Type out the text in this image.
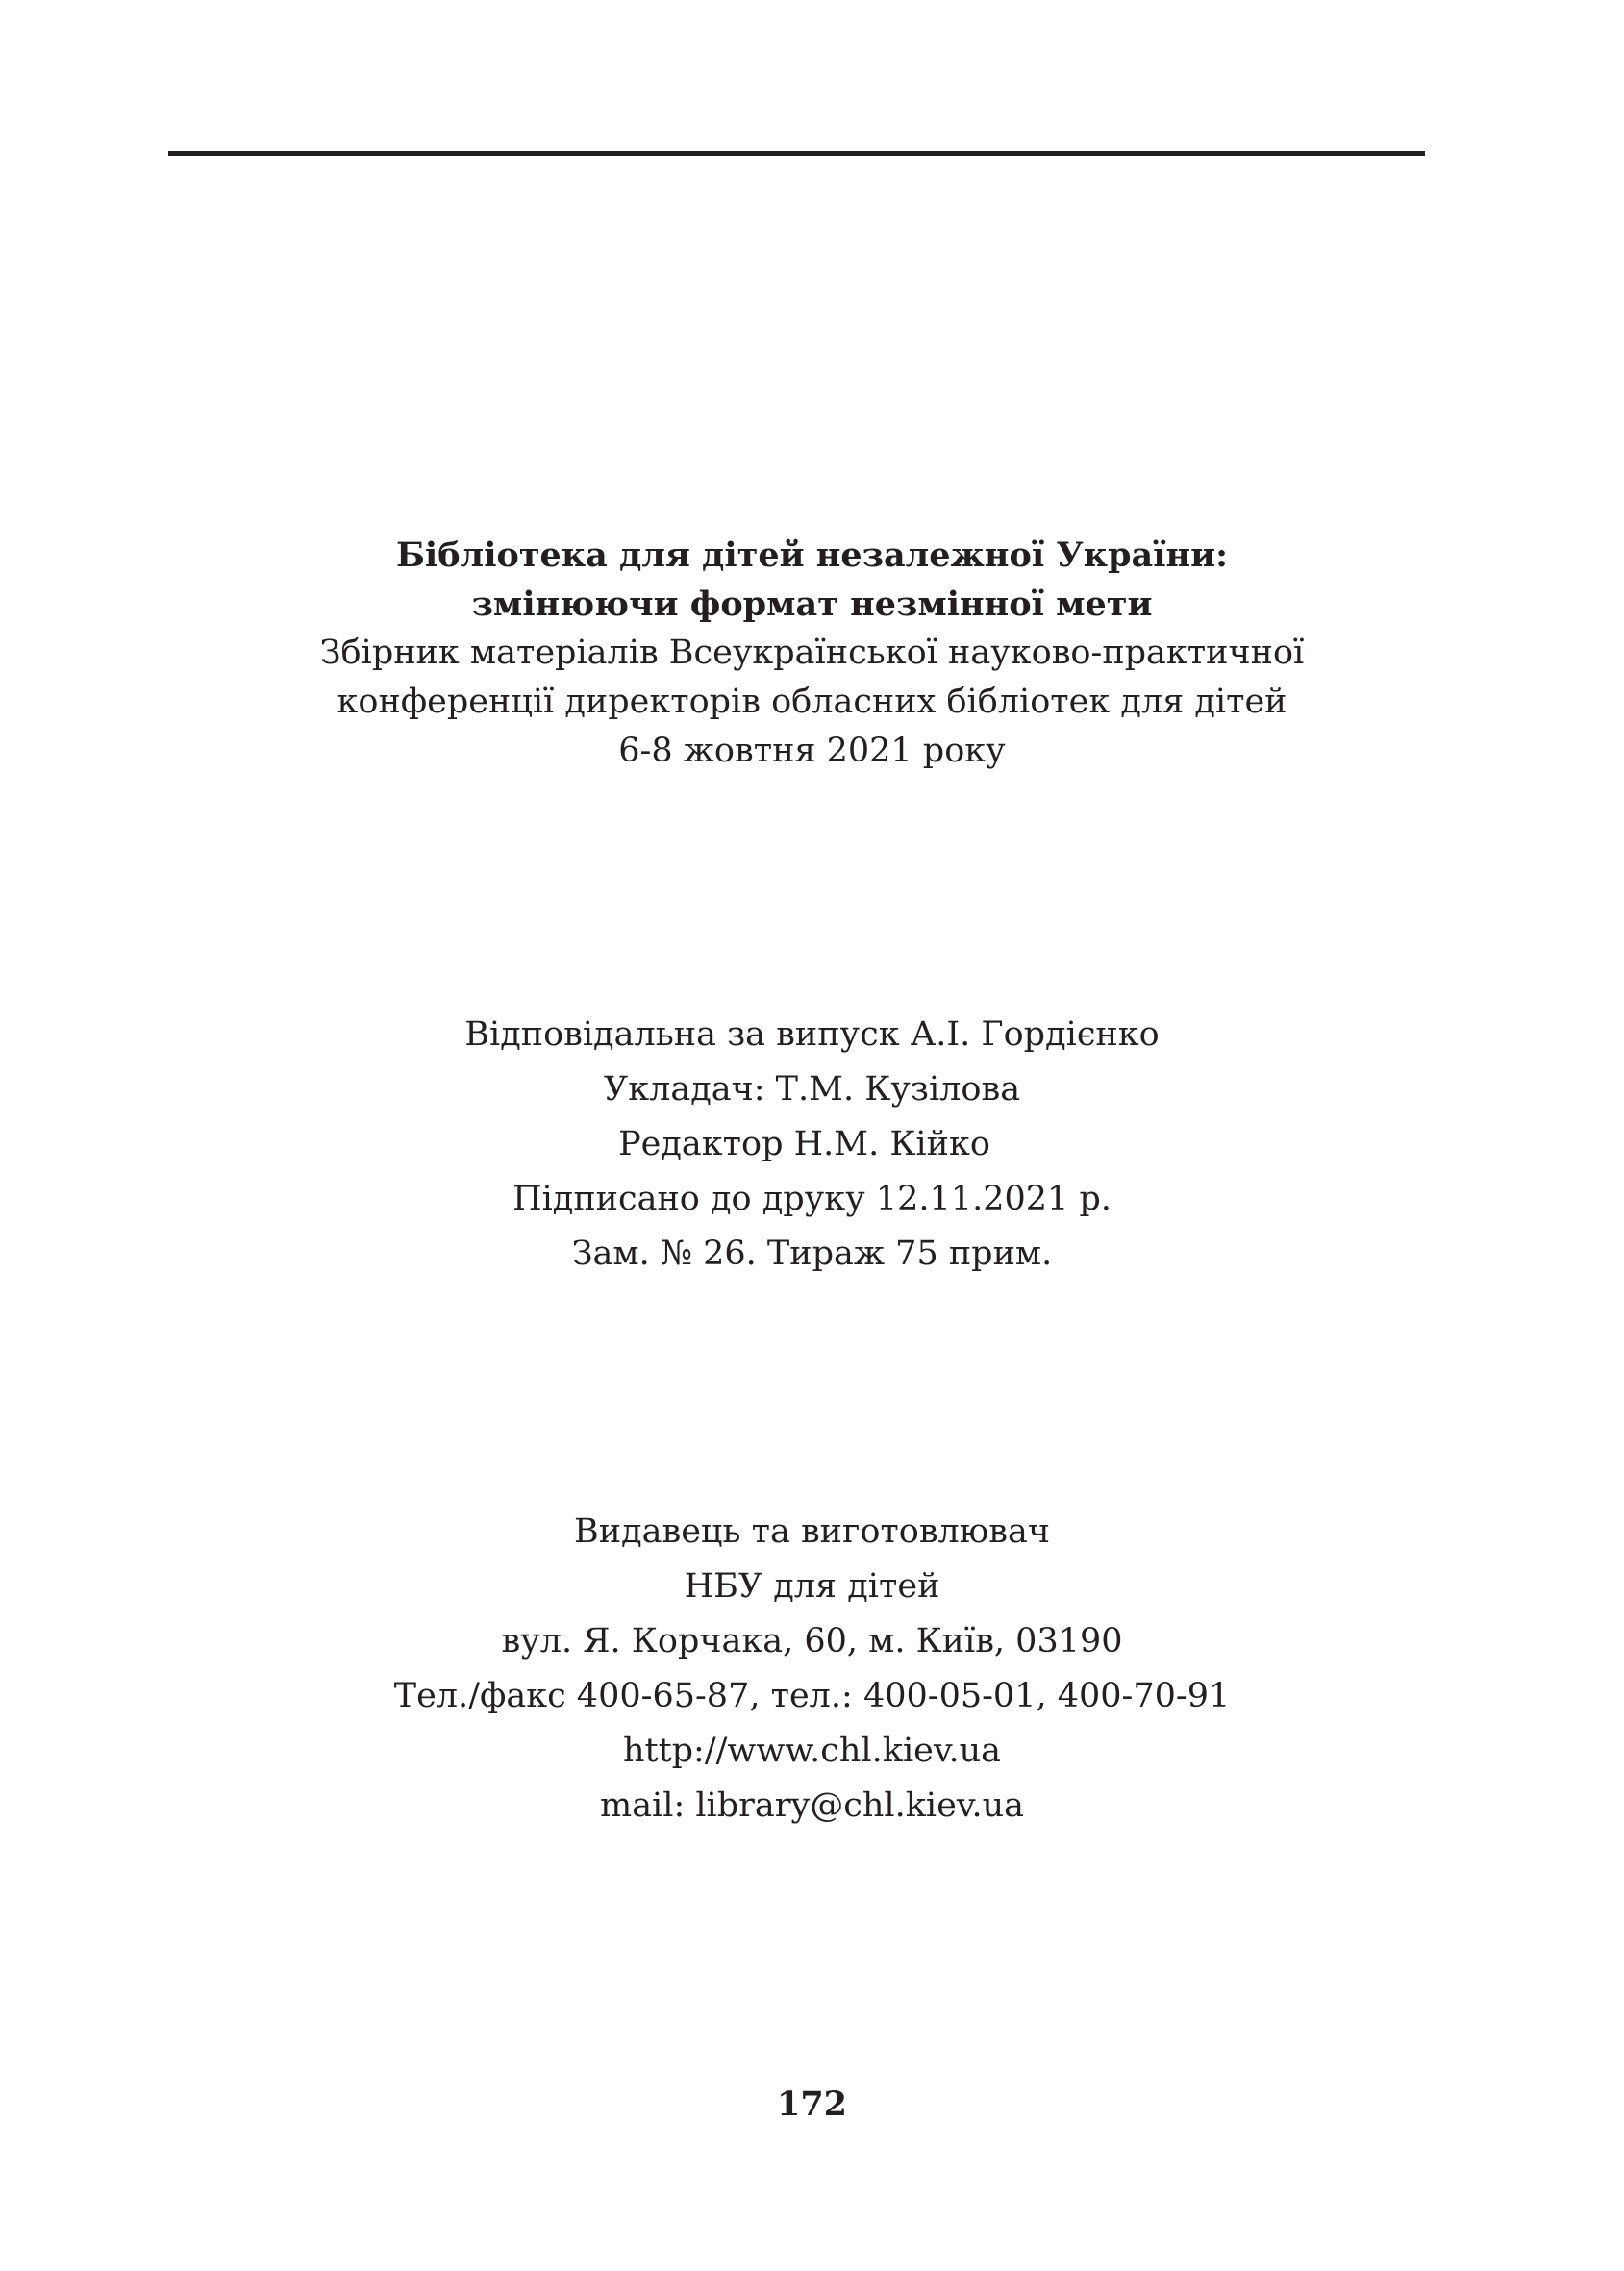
Бібліотека для дітей незалежної України:
змінюючи формат незмінної мети
Збірник матеріалів Всеукраїнської науково-практичної
конференції директорів обласних бібліотек для дітей
6-8 жовтня 2021 року
Відповідальна за випуск А.І. Гордієнко
Укладач: Т.М. Кузілова
Редактор Н.М. Кійко
Підписано до друку 12.11.2021 р.
Зам. № 26. Тираж 75 прим.
Видавець та виготовлювач
НБУ для дітей
вул. Я. Корчака, 60, м. Київ, 03190
Тел./факс 400-65-87, тел.: 400-05-01, 400-70-91
http://www.chl.kiev.ua
mail: library@chl.kiev.ua
172
